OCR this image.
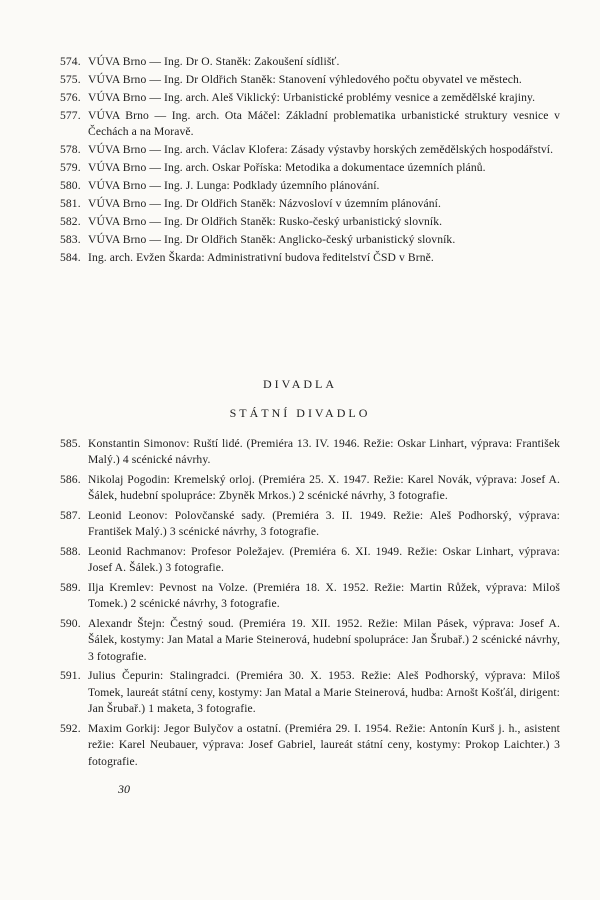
574. VÚVA Brno — Ing. Dr O. Staněk: Zakoušení sídlišť.
575. VÚVA Brno — Ing. Dr Oldřich Staněk: Stanovení výhledového počtu obyvatel ve městech.
576. VÚVA Brno — Ing. arch. Aleš Viklický: Urbanistické problémy vesnice a zemědělské krajiny.
577. VÚVA Brno — Ing. arch. Ota Máčel: Základní problematika urbanistické struktury vesnice v Čechách a na Moravě.
578. VÚVA Brno — Ing. arch. Václav Klofera: Zásady výstavby horských zemědělských hospodářství.
579. VÚVA Brno — Ing. arch. Oskar Poříska: Metodika a dokumentace územních plánů.
580. VÚVA Brno — Ing. J. Lunga: Podklady územního plánování.
581. VÚVA Brno — Ing. Dr Oldřich Staněk: Názvosloví v územním plánování.
582. VÚVA Brno — Ing. Dr Oldřich Staněk: Rusko-český urbanistický slovník.
583. VÚVA Brno — Ing. Dr Oldřich Staněk: Anglicko-český urbanistický slovník.
584. Ing. arch. Evžen Škarda: Administrativní budova ředitelství ČSD v Brně.
DIVADLA
STÁTNÍ DIVADLO
585. Konstantin Simonov: Ruští lidé. (Premiéra 13. IV. 1946. Režie: Oskar Linhart, výprava: František Malý.) 4 scénické návrhy.
586. Nikolaj Pogodin: Kremelský orloj. (Premiéra 25. X. 1947. Režie: Karel Novák, výprava: Josef A. Šálek, hudební spolupráce: Zbyněk Mrkos.) 2 scénické návrhy, 3 fotografie.
587. Leonid Leonov: Polovčanské sady. (Premiéra 3. II. 1949. Režie: Aleš Podhorský, výprava: František Malý.) 3 scénické návrhy, 3 fotografie.
588. Leonid Rachmanov: Profesor Poležajev. (Premiéra 6. XI. 1949. Režie: Oskar Linhart, výprava: Josef A. Šálek.) 3 fotografie.
589. Ilja Kremlev: Pevnost na Volze. (Premiéra 18. X. 1952. Režie: Martin Růžek, výprava: Miloš Tomek.) 2 scénické návrhy, 3 fotografie.
590. Alexandr Štejn: Čestný soud. (Premiéra 19. XII. 1952. Režie: Milan Pásek, výprava: Josef A. Šálek, kostymy: Jan Matal a Marie Steinerová, hudební spolupráce: Jan Šrubař.) 2 scénické návrhy, 3 fotografie.
591. Julius Čepurin: Stalingradci. (Premiéra 30. X. 1953. Režie: Aleš Podhorský, výprava: Miloš Tomek, laureát státní ceny, kostymy: Jan Matal a Marie Steinerová, hudba: Arnošt Košťál, dirigent: Jan Šrubař.) 1 maketa, 3 fotografie.
592. Maxim Gorkij: Jegor Bulyčov a ostatní. (Premiéra 29. I. 1954. Režie: Antonín Kurš j. h., asistent režie: Karel Neubauer, výprava: Josef Gabriel, laureát státní ceny, kostymy: Prokop Laichter.) 3 fotografie.
30
